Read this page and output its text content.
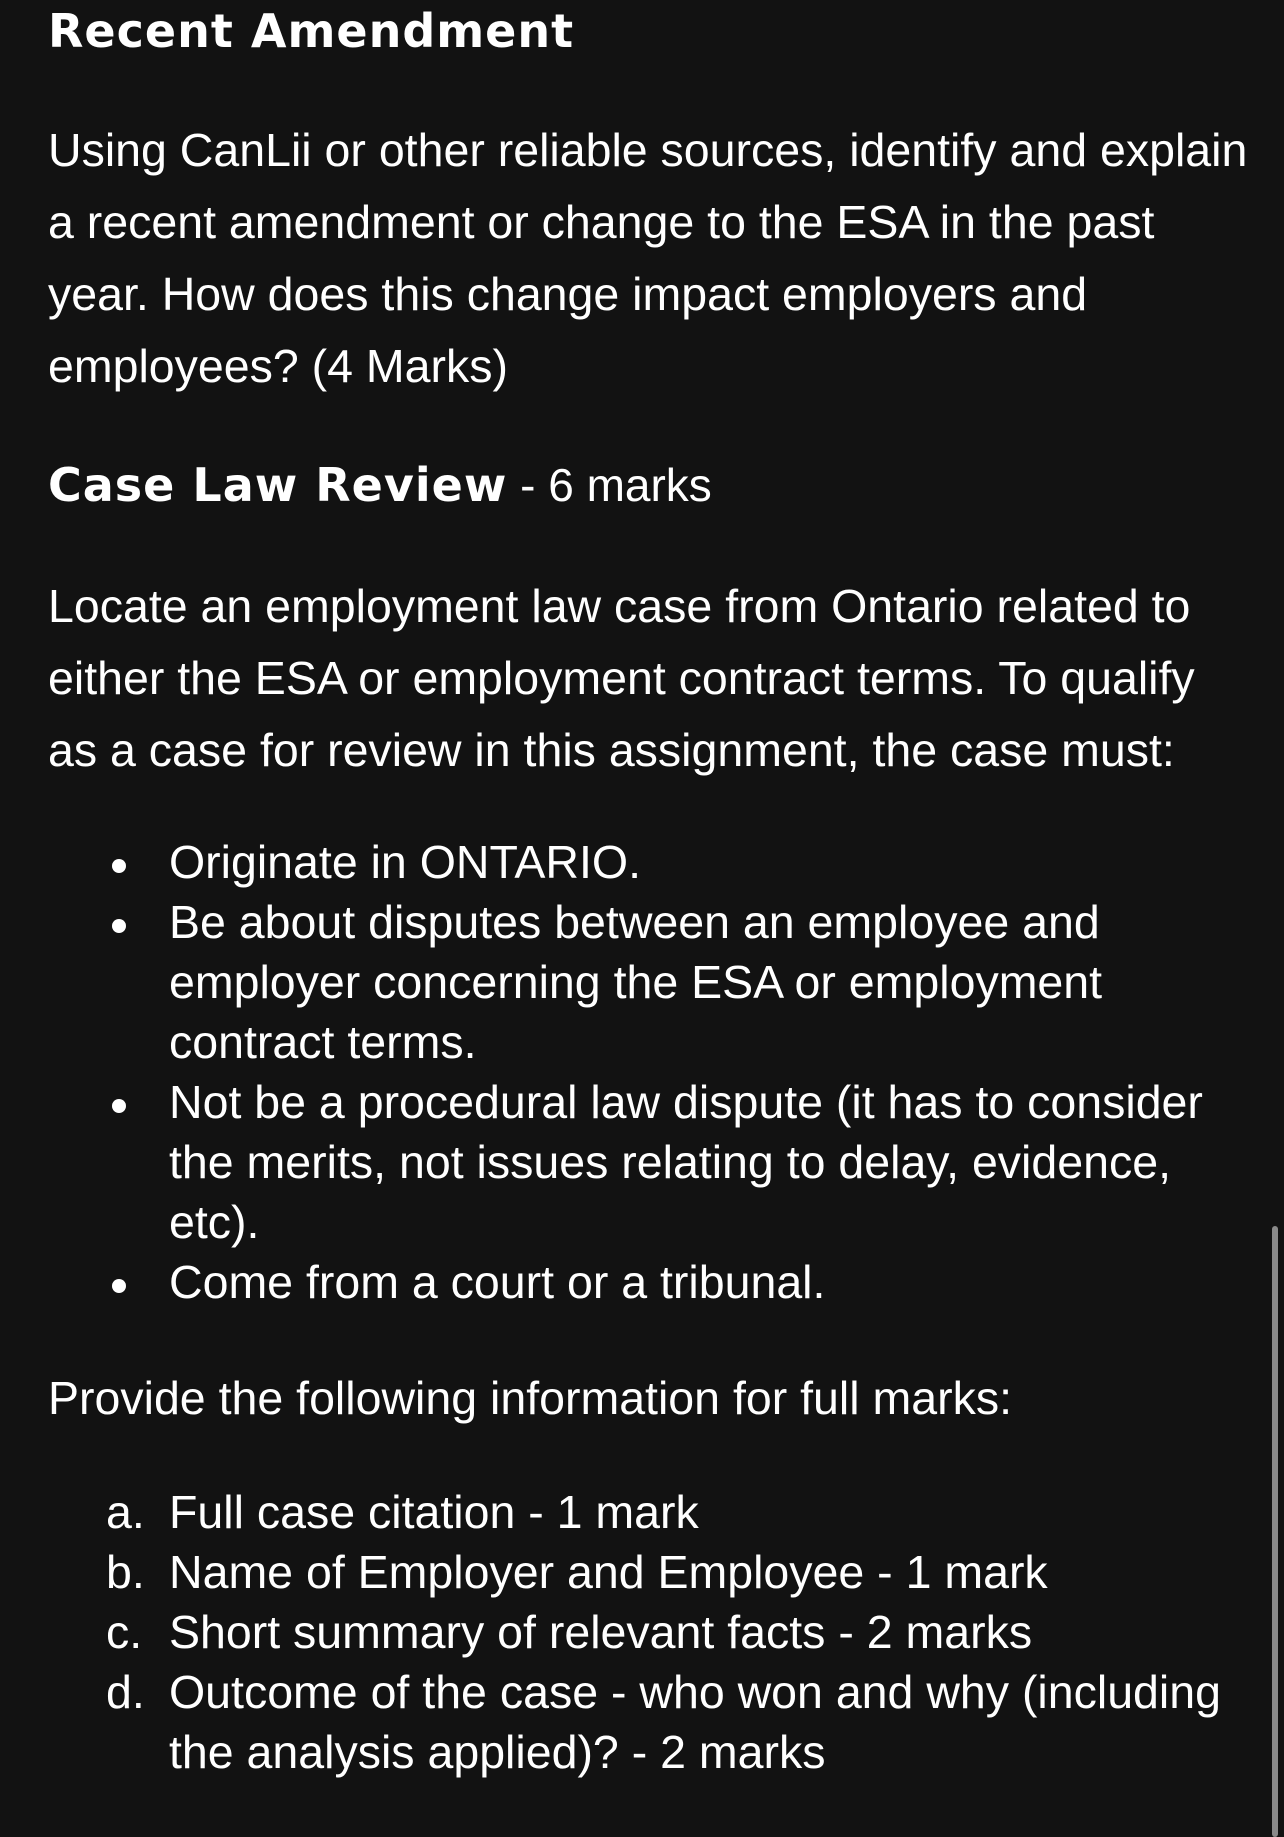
Recent Amendment
Using CanLii or other reliable sources, identify and explain a recent amendment or change to the ESA in the past year. How does this change impact employers and employees? (4 Marks)
Case Law Review - 6 marks
Locate an employment law case from Ontario related to either the ESA or employment contract terms. To qualify as a case for review in this assignment, the case must:
Originate in ONTARIO.
Be about disputes between an employee and employer concerning the ESA or employment contract terms.
Not be a procedural law dispute (it has to consider the merits, not issues relating to delay, evidence, etc).
Come from a court or a tribunal.
Provide the following information for full marks:
a. Full case citation - 1 mark
b. Name of Employer and Employee - 1 mark
c. Short summary of relevant facts - 2 marks
d. Outcome of the case - who won and why (including the analysis applied)? - 2 marks
